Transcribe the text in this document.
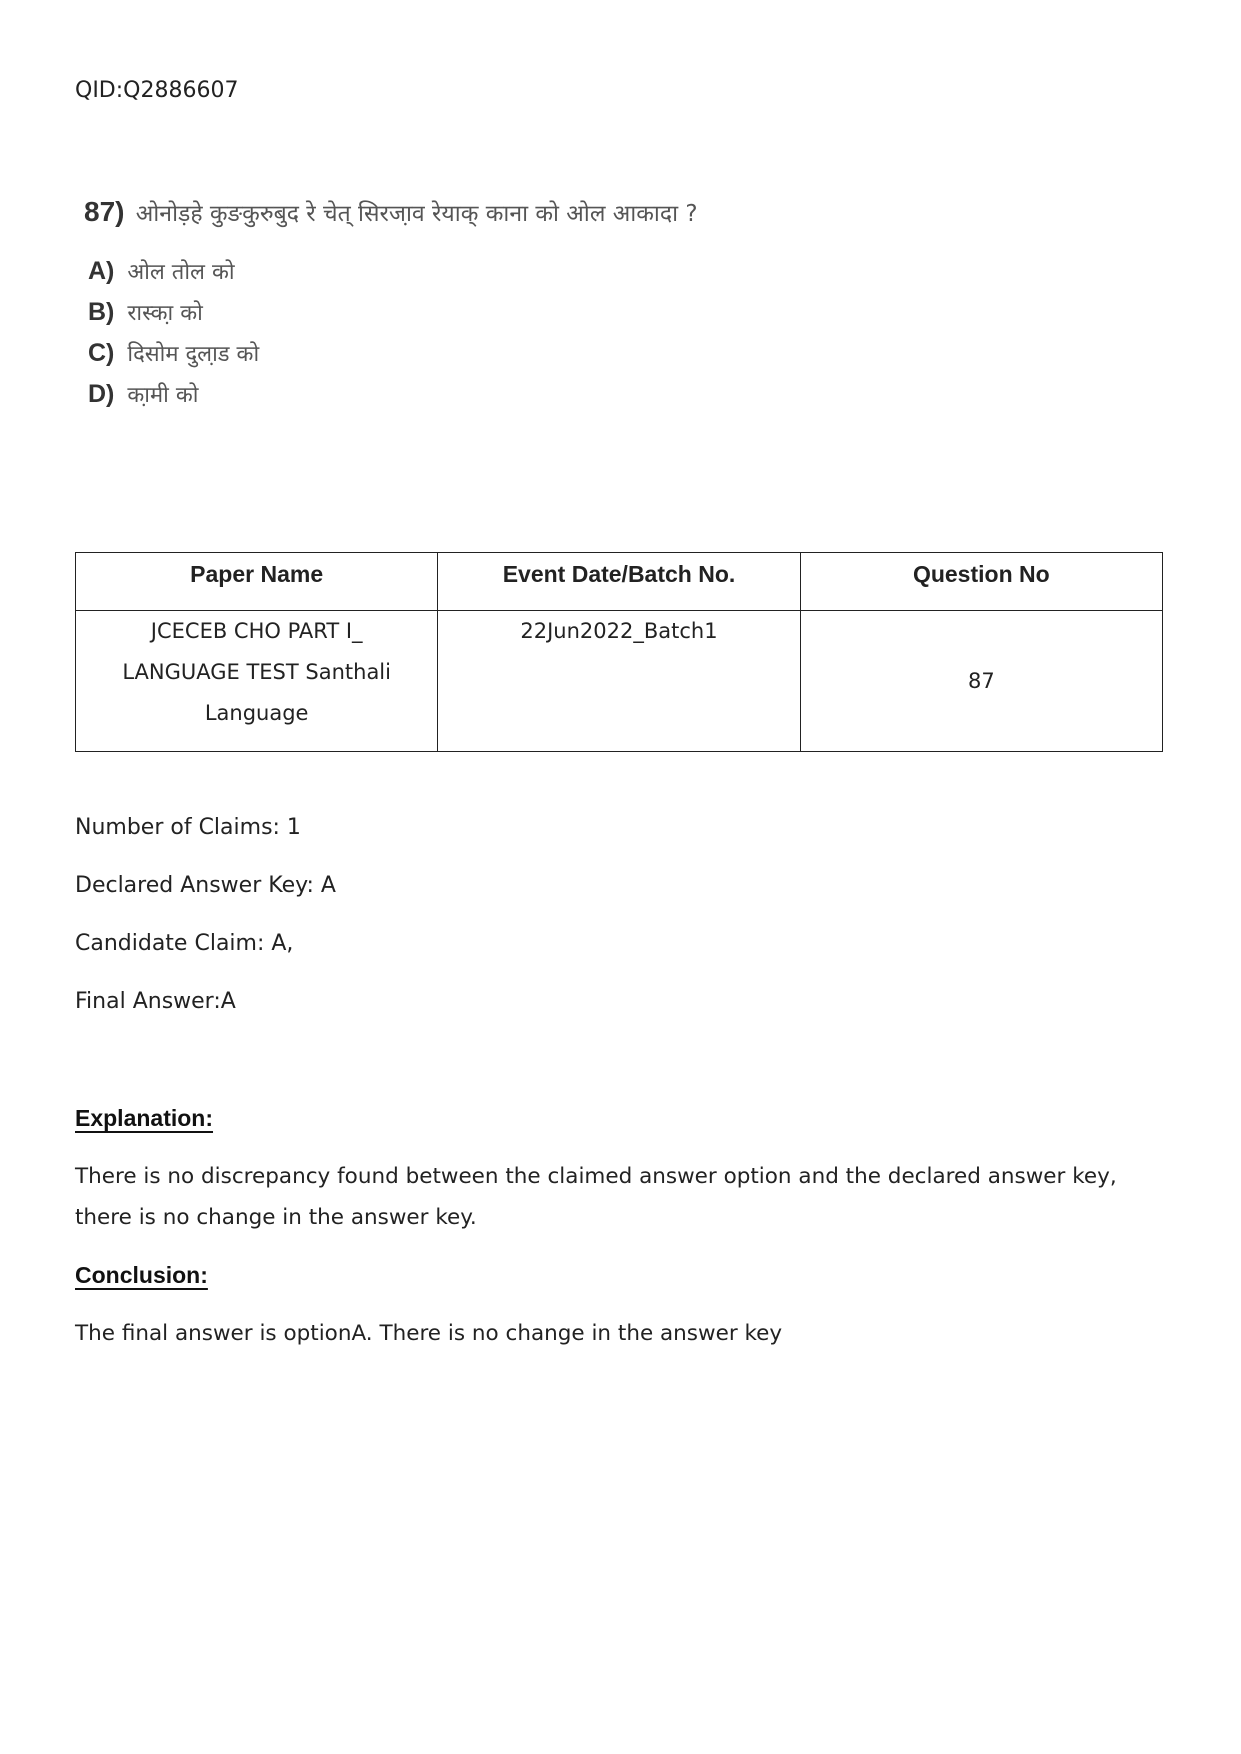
QID:Q2886607
87) ओनोड़हे कुङकुरुबुद रे चेत् सिरजा़व रेयाक् काना को ओल आकादा ?
A) ओल तोल को
B) रास्का़ को
C) दिसोम दुला़ड को
D) का़मी को
Paper Name	Event Date/Batch No.	Question No

JCECEB CHO PART I_
LANGUAGE TEST Santhali
Language	22Jun2022_Batch1	87
Number of Claims: 1
Declared Answer Key: A
Candidate Claim: A,
Final Answer:A
Explanation:
There is no discrepancy found between the claimed answer option and the declared answer key, there is no change in the answer key.
Conclusion:
The final answer is optionA. There is no change in the answer key
